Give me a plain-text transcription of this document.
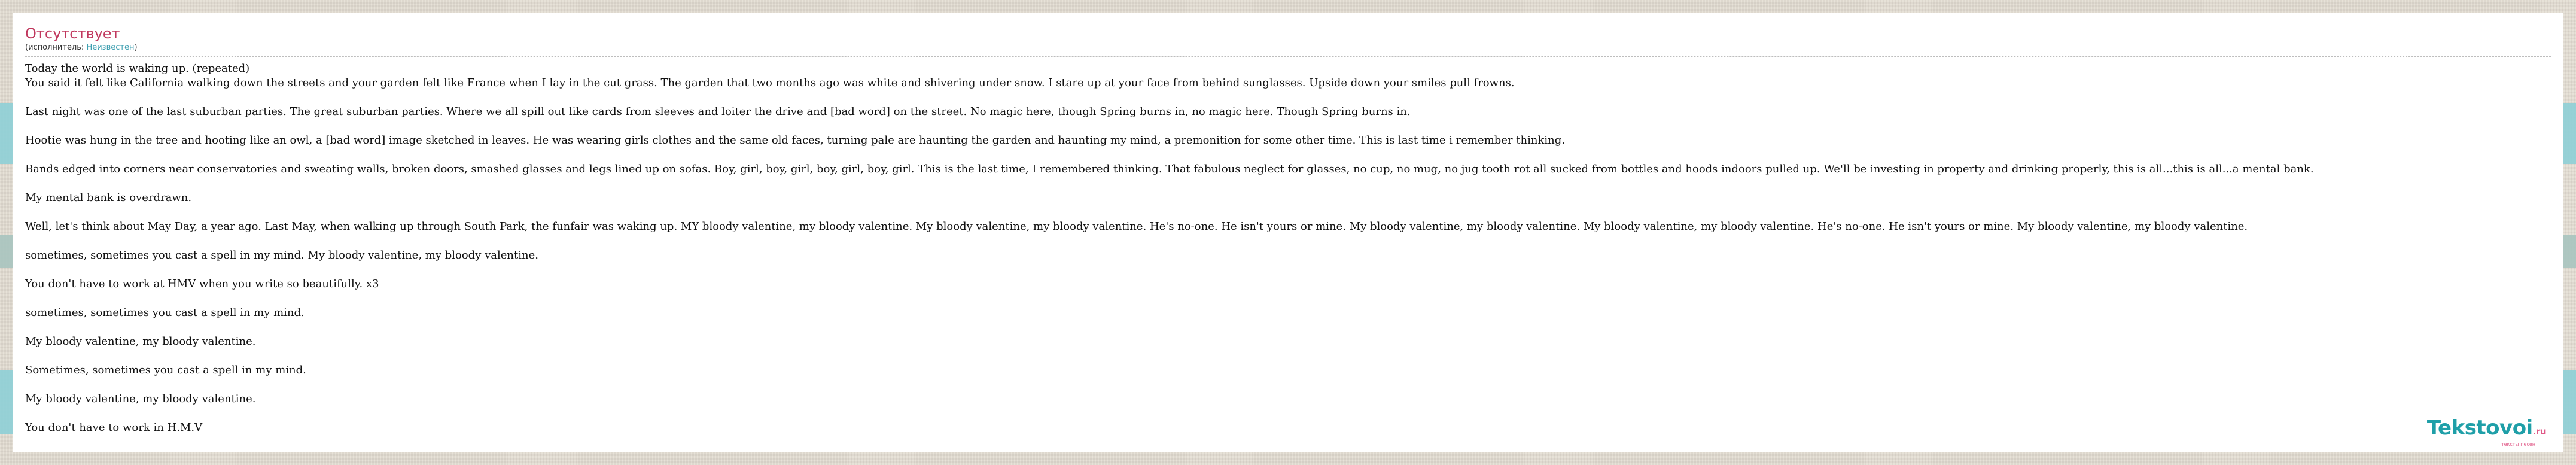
Отсутствует
(исполнитель: Неизвестен)
Today the world is waking up. (repeated)

You said it felt like California walking down the streets and your garden felt like France when I lay in the cut grass. The garden that two months ago was white and shivering under snow. I stare up at your face from behind sunglasses. Upside down your smiles pull frowns.

Last night was one of the last suburban parties. The great suburban parties. Where we all spill out like cards from sleeves and loiter the drive and [bad word] on the street. No magic here, though Spring burns in, no magic here. Though Spring burns in.

Hootie was hung in the tree and hooting like an owl, a [bad word] image sketched in leaves. He was wearing girls clothes and the same old faces, turning pale are haunting the garden and haunting my mind, a premonition for some other time. This is last time i remember thinking.

Bands edged into corners near conservatories and sweating walls, broken doors, smashed glasses and legs lined up on sofas. Boy, girl, boy, girl, boy, girl, boy, girl. This is the last time, I remembered thinking. That fabulous neglect for glasses, no cup, no mug, no jug tooth rot all sucked from bottles and hoods indoors pulled up. We'll be investing in property and drinking properly, this is all...this is all...a mental bank.

My mental bank is overdrawn.

Well, let's think about May Day, a year ago. Last May, when walking up through South Park, the funfair was waking up. MY bloody valentine, my bloody valentine. My bloody valentine, my bloody valentine. He's no-one. He isn't yours or mine. My bloody valentine, my bloody valentine. My bloody valentine, my bloody valentine. He's no-one. He isn't yours or mine. My bloody valentine, my bloody valentine.

sometimes, sometimes you cast a spell in my mind. My bloody valentine, my bloody valentine.

You don't have to work at HMV when you write so beautifully. x3

sometimes, sometimes you cast a spell in my mind.

My bloody valentine, my bloody valentine.

Sometimes, sometimes you cast a spell in my mind.

My bloody valentine, my bloody valentine.

You don't have to work in H.M.V	Tekstovoi.ru
тексты песен
